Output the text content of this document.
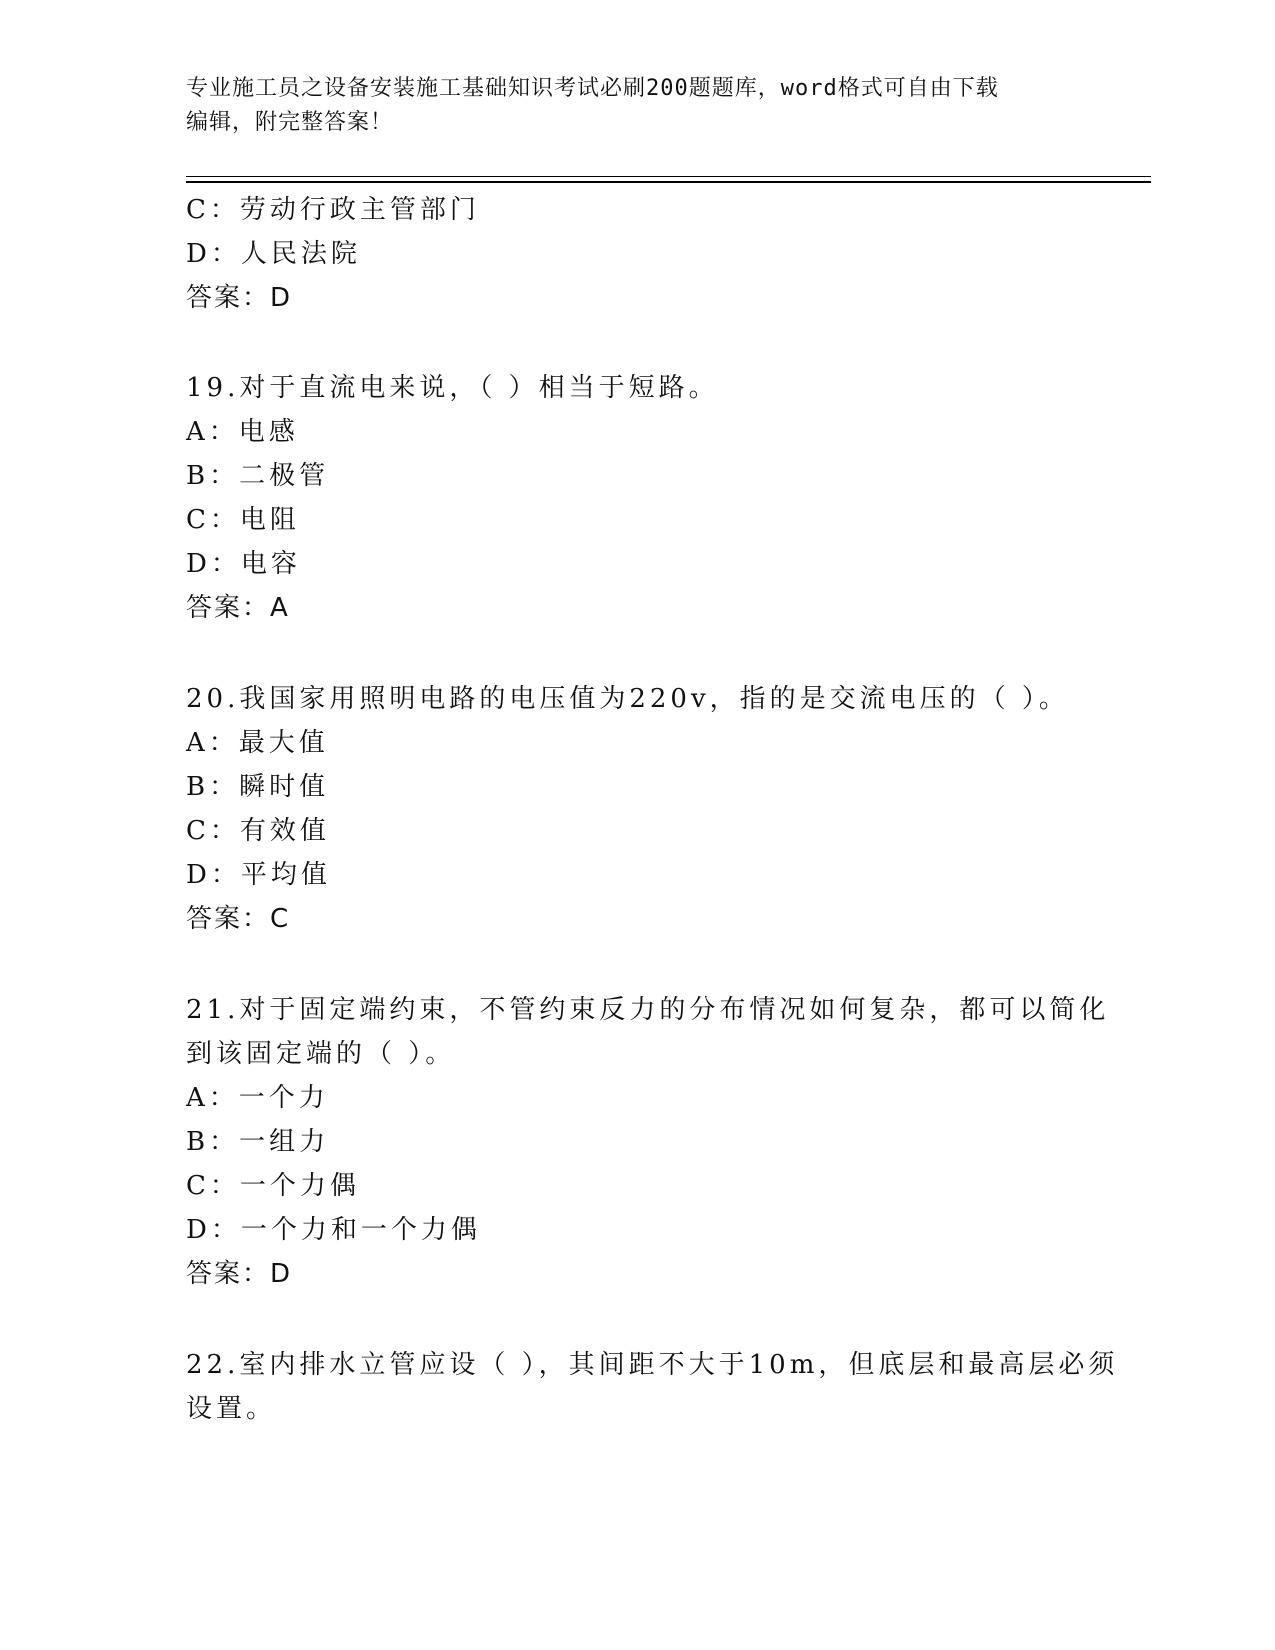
专业施工员之设备安装施工基础知识考试必刷200题题库，word格式可自由下载
编辑，附完整答案！
C：劳动行政主管部门
D：人民法院
答案：D
19.对于直流电来说，（ ）相当于短路。
A：电感
B：二极管
C：电阻
D：电容
答案：A
20.我国家用照明电路的电压值为220v，指的是交流电压的（ ）。
A：最大值
B：瞬时值
C：有效值
D：平均值
答案：C
21.对于固定端约束，不管约束反力的分布情况如何复杂，都可以简化
到该固定端的（ ）。
A：一个力
B：一组力
C：一个力偶
D：一个力和一个力偶
答案：D
22.室内排水立管应设（ ），其间距不大于10m，但底层和最高层必须
设置。
